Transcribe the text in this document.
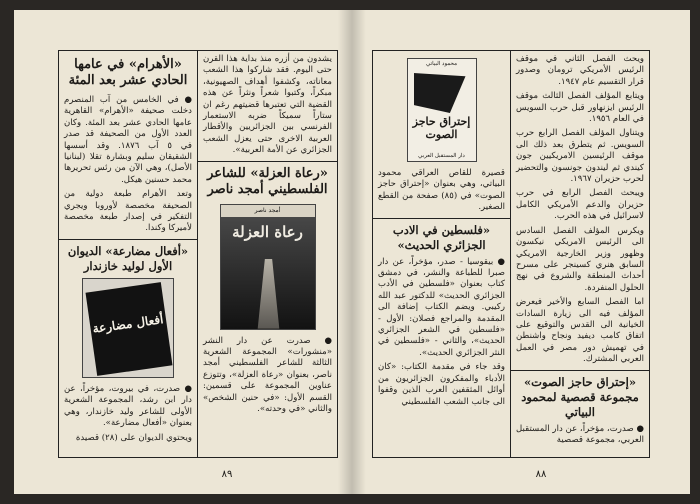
يشدون من أزره منذ بداية هذا القرن حتى اليوم. فقد شاركوا هذا الشعب معاناته، وكشفوا أهداف الصهيونية، مبكراً، وكتبوا شعراً ونثراً عن هذه القضية التي تعتبرها قضيتهم رغم ان ستاراً سميكاً ضربه الاستعمار الفرنسي بين الجزائريين والأقطار العربية الاخرى حتى يعزل الشعب الجزائري عن الأمة العربية».

«رعاة العزلة» للشاعر الفلسطيني أمجد ناصر
أمجد ناصر
رعاة العزلة

● صدرت عن دار النشر «منشورات» المجموعة الشعرية الثالثة للشاعر الفلسطيني أمجد ناصر، بعنوان «رعاة العزلة»، وتتوزع عناوين المجموعة على قسمين: القسم الأول: «في حنين الشخص» والثاني «في وحدته».

«الأهرام» في عامها الحادي عشر بعد المئة

● في الخامس من آب المنصرم دخلت صحيفة «الأهرام» القاهرية عامها الحادي عشر بعد المئة. وكان العدد الأول من الصحيفة قد صدر في ٥ آب ١٨٧٦. وقد أسسها الشقيقان سليم وبشارة تقلا (لبنانيا الأصل)، وهي الآن من رئس تحريرها محمد حسنين هيكل.

وتعد الأهرام طبعة دولية من الصحيفة مخصصة لأوروبا ويجري التفكير في إصدار طبعة مخصصة لأميركا وكندا.

«أفعال مضارعة» الديوان الأول لوليد خازندار
أفعال مضارعة

● صدرت، في بيروت، مؤخراً، عن دار ابن رشد، المجموعة الشعرية الأولى للشاعر وليد خازندار، وهي بعنوان «أفعال مضارعة».

ويحتوي الديوان على (٢٨) قصيدة

٨٩

ويحث الفصل الثاني في موقف الرئيس الأمريكي ترومان وصدور قرار التقسيم عام ١٩٤٧.

ويتابع المؤلف الفصل الثالث موقف الرئيس ايزنهاور قبل حرب السويس في العام ١٩٥٦.

ويتناول المؤلف الفصل الرابع حرب السويس. ثم يتطرق بعد ذلك الى موقف الرئيسين الامريكيين جون كيندي ثم ليندون جونسون والتحضير لحرب حزيران ١٩٦٧.

ويبحث الفصل الرابع في حرب حزيران والدعم الأمريكي الكامل لاسرائيل في هذه الحرب.

ويكرس المؤلف الفصل السادس الى الرئيس الامريكي نيكسون وظهور وزير الخارجية الامريكي السابق هنري كسينجر على مسرح أحداث المنطقة والشروع في نهج الحلول المنفردة.

اما الفصل السابع والأخير فيعرض المؤلف فيه الى زيارة السادات الخيانية الى القدس والتوقيع على اتفاق كامب ديفيد ونجاح واشنطن في تهميش دور مصر في العمل العربي المشترك.

«إحتراق حاجز الصوت» مجموعة قصصية لمحمود البياتي

● صدرت، مؤخراً، عن دار المستقبل العربي، مجموعة قصصية

محمود البياتي
إحتراق حاجز الصوت
دار المستقبل العربي

قصيرة للقاص العراقي محمود البياتي، وهي بعنوان «إحتراق حاجز الصوت» في (٨٥) صفحة من القطع الصغير.

«فلسطين في الادب الجزائري الحديث»

● بيقوسيا - صدر، مؤخراً، عن دار صبرا للطباعة والنشر، في دمشق كتاب بعنوان «فلسطين في الأدب الجزائري الحديث» للدكتور عبد الله ركيبي. ويضم الكتاب إضافة الى المقدمة والمراجع فصلان: الأول - «فلسطين في الشعر الجزائري الحديث»، والثاني - «فلسطين في النثر الجزائري الحديث».

وقد جاء في مقدمة الكتاب: «كان الأدباء والمفكرون الجزائريون من أوائل المثقفين العرب الذين وقفوا الى جانب الشعب الفلسطيني

٨٨
